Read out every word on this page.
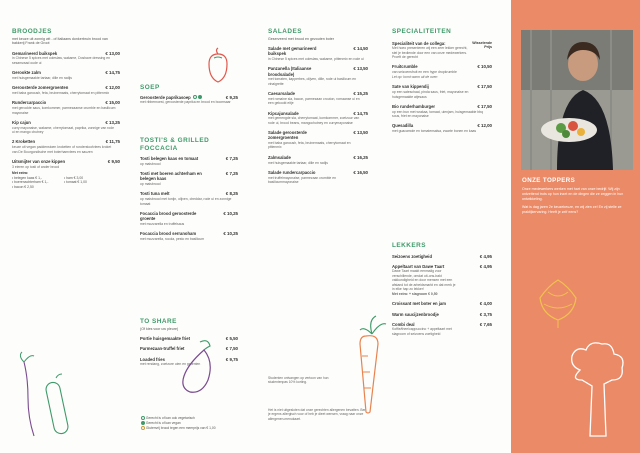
BROODJES
met keuze uit zonnig wit - of Italiaans donkerbruin brood van bakkerij Frank de Groot
Gemarineerd buikspek	€ 13,00
in Chinese 5 spices met coleslaw, wakame, Doshave dressing en sesamzaad oude ui
Gerookte zalm	€ 14,75
met huisgemaakte tartaar, dille en radijs
Geroosterde zomergroenten	€ 12,00
met baba ganoush, feta, bruinemaats, cherrytomaat en pittenmix
Rundercarpaccio	€ 15,00
met gerookte saus, komkommer, parmezaanse crumble en basilicum mayonaise
Kip cajun	€ 13,25
curry mayonaise, wakame, cherrytomaat, paprika, zonnige van rode ui en mango chutney
2 Kroketten	€ 11,75
keuze uit vegan paddenstoen kroketten of runderstoofvlees kroket van De Bourgondische met boterhamvlees en sauzen
Uitsmijter van onze kippen	€ 9,50
3 eieren op tosti of ander brood
Met extra:
• belegen kaas € 1,-	• ham € 3,00
• boerenachterham € 1,-	• tomaat € 1,00
• bacon € 2,50
SOEP
Geroosterde paprikasoep	€ 9,25
met ribbernoest, geroosterde paprika en brood en boomsaar
TOSTI'S & GRILLED FOCCACIA
Tosti belegen kaas en tomaat	€ 7,25
op maisbrood
Tosti met boeren achterham en belegen kaas
€ 7,25
op maisbrood
Tosti tuna melt	€ 8,25
op maisbrood met tonijn, olijven, cheddar, rode ui en zonnige tomaat
Focaccia brood geroosterde groente
€ 10,25
met mozzarella en truffelsaus
Focaccia brood serranoham	€ 10,25
met mozzarella, rucola, pesto en basilicum
TO SHARE
(Of kies voor uw pleure)
Portie huisgemaakte friet	€ 5,50
Parmezaan-truffel friet	€ 7,50
Loaded fries	€ 9,75
met rendang, zoetzure uien en groenten
Gerecht is of kan ook vegetarisch
Gerecht is of kan vegan
Glutenvrij brood tegen een meerprijs van € 1,00
SALADES
Geserveerd met brood en gezouten boter
Salade met gemarineerd buikspek
€ 14,50
in Chinese 5 spices met coleslaw, wakame, pittenmix en rode ui
Panzanella (Italiaanse broodsalade)
€ 13,50
met tomaten, kapperbes, olijven, dille, rode ui basilicum en vinaigrette
Caesarsalade	€ 15,25
met romaine sla, bacon, parmezaan crouton, romaanse ui en een gekookt eitje
Kipcajunsalade	€ 14,75
met gemengde sla, cherrytomaat, komkommer, zoetzuur van rode ui, brood beans, mangochutney en currymayonaise
Salade geroosterde zomergroenten
€ 13,50
met baba ganoush, feta, bruinemaats, cherrytomaat en pittenmix
Zalmsalade	€ 16,25
met huisgemaakte tartaar, dille en radijs
Salade rundercarpaccio	€ 16,50
met truffelmayonaise, parmezaan crumble en basilicummayonaise
Studenten ontvangen op vertoon van hun studentenpas 10% korting.
Het is niet uitgesloten dat onze gerechten allergenen bevatten. Ben je ergens allergisch voor of heb je dieet wensen, vraag naar onze allergenen-menukaart.
SPECIALITEITEN
Specialiteit van de collega:	Wisselende Prijs
Met hoeo presenteren wij een zeer lekker gerecht, stel je bediende door een van onze medewerkers. Proeft de gerecht
Fruitcrumble	€ 10,50
van seizoensfruit en een hype dropkrumble
Let op: komt warm uit de oven
Sate van kippendij	€ 17,50
op een sateschaal, pinda saus, friet, mayonaise en huisgemaakte atjesaus
Bio runderhamburger	€ 17,50
op een bun met wrakaa, tomaat, uienjam, huisgemaakte bbq sous, friet en mayonaise
Quesadilla	€ 12,00
met guacamole en tomatensalsa, zwarte bonen en kaas
LEKKERS
Seizoens zoetigheid	€ 4,95
Appeltaart van Dawe Taart	€ 4,95
Dawe Taart maakt eenmalig voor verschillende, omdat uit-ons-bakt vakkundigheid en door mensen met een afstand tot de arbeidsmarkt en dat merk je in elke hap zo lekker!
Met extra: + slagroom € 0,50
Croissant met boter en jam	€ 4,00
Warm saucijzenbroodje	€ 3,75
Combi deal	€ 7,65
Koffie/thee/cappuccino + appeltaart met slagroom of seizoens zoetigheid
ONZE TOPPERS

Onze medewerkers werken met hart van onze bedrijf. Wij zijn ontzettend trots op hun inzet en de dingen die ze zeggen in hun ontwikkeling.

Wat is dag jaren 2e keuzekeuze, en wij zien ze! En zij stelle ze praktijkervaring. Heeft je zelf eens?
